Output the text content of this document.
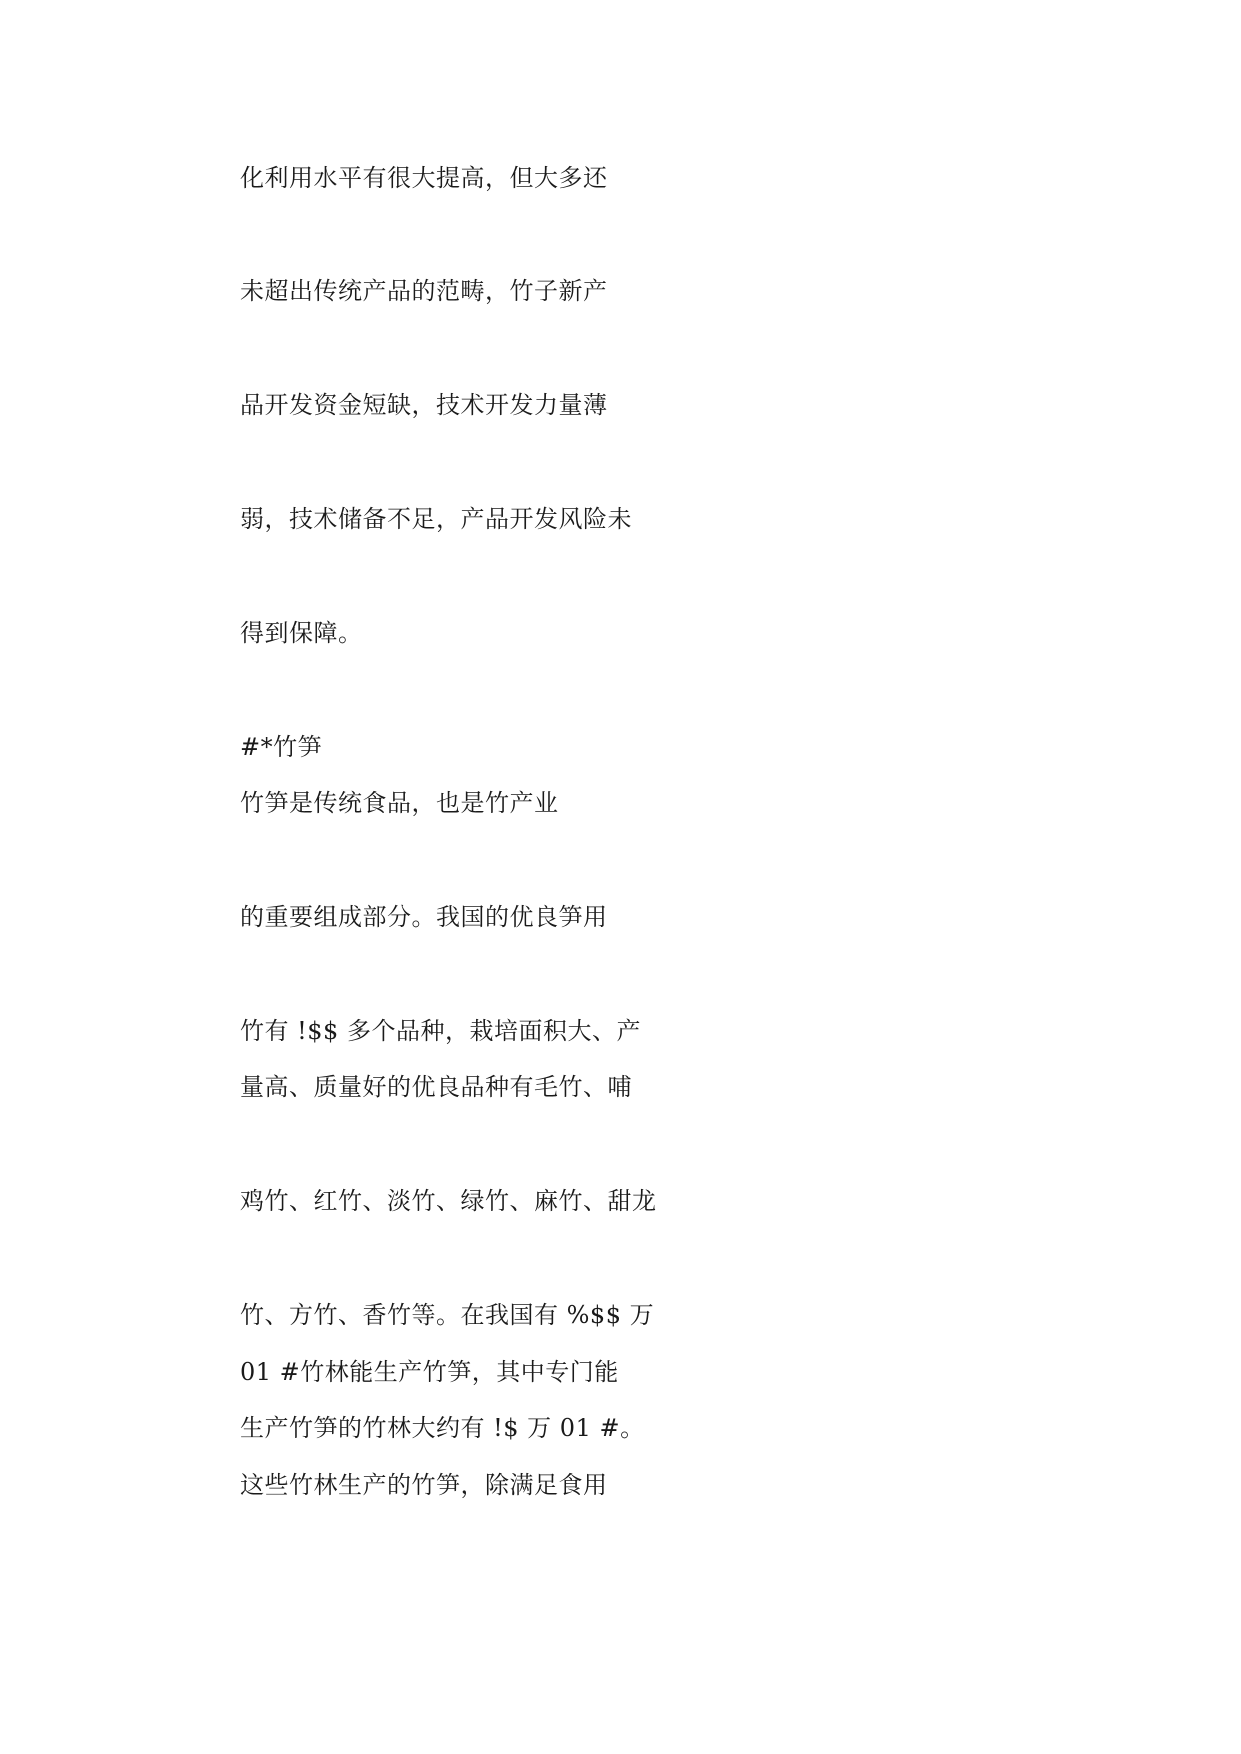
化利用水平有很大提高，但大多还
未超出传统产品的范畴，竹子新产
品开发资金短缺，技术开发力量薄
弱，技术储备不足，产品开发风险未
得到保障。
#*竹笋
竹笋是传统食品，也是竹产业
的重要组成部分。我国的优良笋用
竹有 !$$ 多个品种，栽培面积大、产
量高、质量好的优良品种有毛竹、哺
鸡竹、红竹、淡竹、绿竹、麻竹、甜龙
竹、方竹、香竹等。在我国有 %$$ 万
01 #竹林能生产竹笋，其中专门能
生产竹笋的竹林大约有 !$ 万 01 #。
这些竹林生产的竹笋，除满足食用
